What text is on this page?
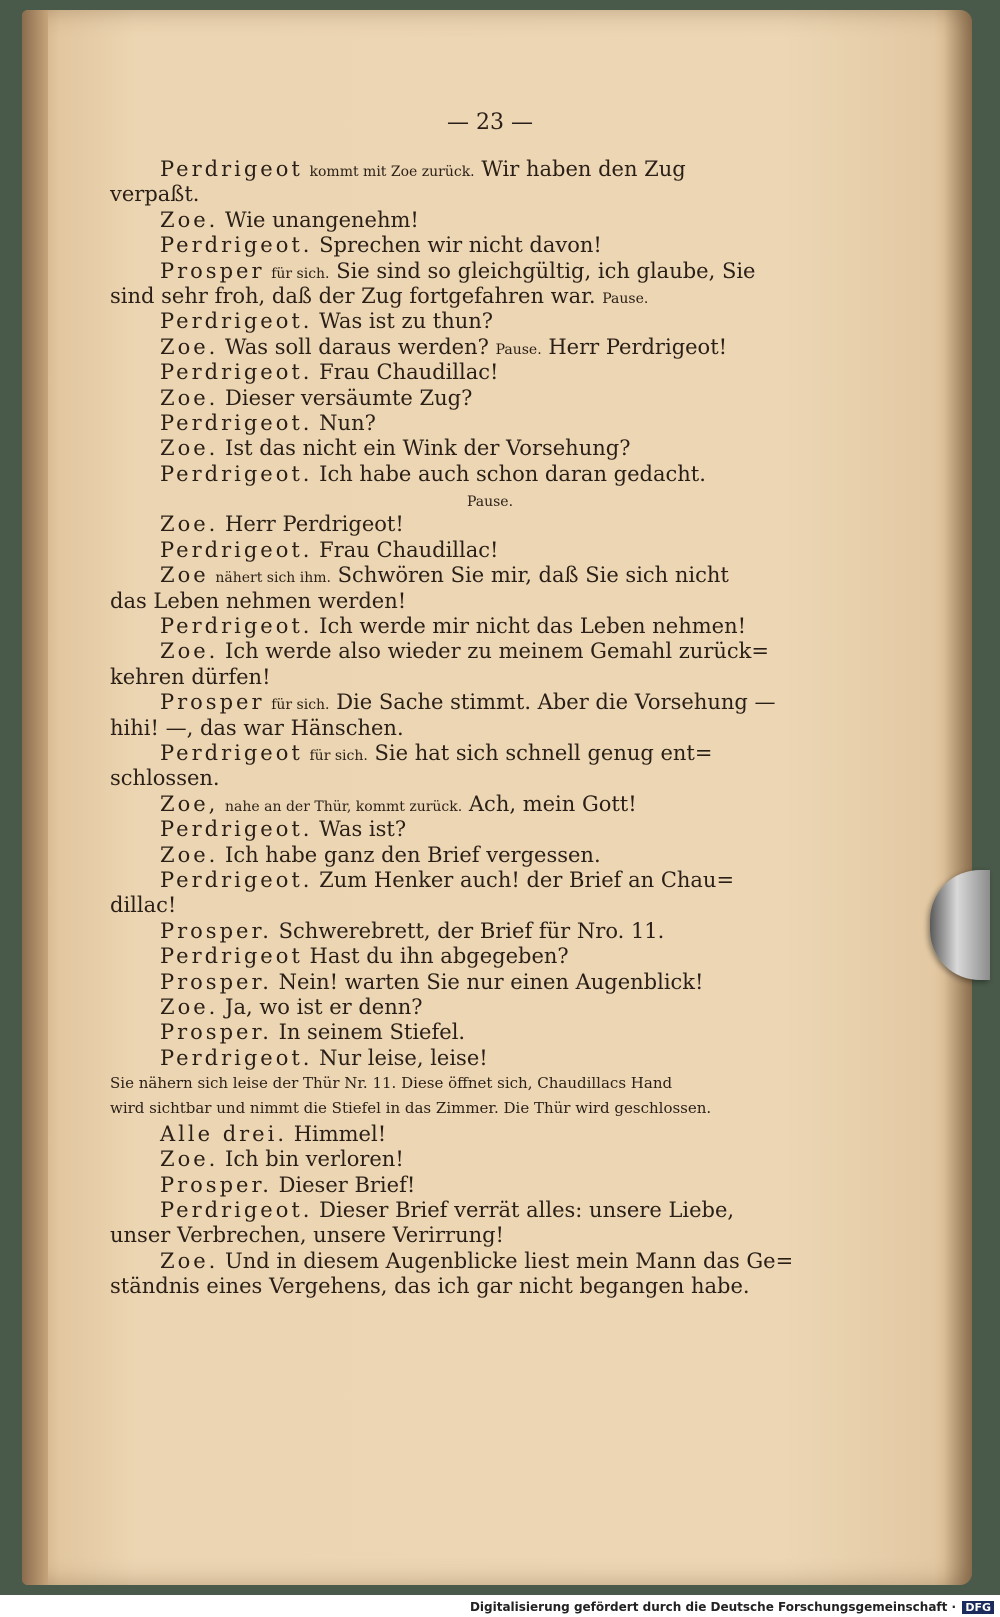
— 23 —
Perdrigeot kommt mit Zoe zurück. Wir haben den Zug
verpaßt.
Zoe. Wie unangenehm!
Perdrigeot. Sprechen wir nicht davon!
Prosper für sich. Sie sind so gleichgültig, ich glaube, Sie
sind sehr froh, daß der Zug fortgefahren war. Pause.
Perdrigeot. Was ist zu thun?
Zoe. Was soll daraus werden? Pause. Herr Perdrigeot!
Perdrigeot. Frau Chaudillac!
Zoe. Dieser versäumte Zug?
Perdrigeot. Nun?
Zoe. Ist das nicht ein Wink der Vorsehung?
Perdrigeot. Ich habe auch schon daran gedacht.
Pause.
Zoe. Herr Perdrigeot!
Perdrigeot. Frau Chaudillac!
Zoe nähert sich ihm. Schwören Sie mir, daß Sie sich nicht
das Leben nehmen werden!
Perdrigeot. Ich werde mir nicht das Leben nehmen!
Zoe. Ich werde also wieder zu meinem Gemahl zurück=
kehren dürfen!
Prosper für sich. Die Sache stimmt. Aber die Vorsehung —
hihi! —, das war Hänschen.
Perdrigeot für sich. Sie hat sich schnell genug ent=
schlossen.
Zoe, nahe an der Thür, kommt zurück. Ach, mein Gott!
Perdrigeot. Was ist?
Zoe. Ich habe ganz den Brief vergessen.
Perdrigeot. Zum Henker auch! der Brief an Chau=
dillac!
Prosper. Schwerebrett, der Brief für Nro. 11.
Perdrigeot Hast du ihn abgegeben?
Prosper. Nein! warten Sie nur einen Augenblick!
Zoe. Ja, wo ist er denn?
Prosper. In seinem Stiefel.
Perdrigeot. Nur leise, leise!
Sie nähern sich leise der Thür Nr. 11. Diese öffnet sich, Chaudillacs Hand
wird sichtbar und nimmt die Stiefel in das Zimmer. Die Thür wird geschlossen.
Alle drei. Himmel!
Zoe. Ich bin verloren!
Prosper. Dieser Brief!
Perdrigeot. Dieser Brief verrät alles: unsere Liebe,
unser Verbrechen, unsere Verirrung!
Zoe. Und in diesem Augenblicke liest mein Mann das Ge=
ständnis eines Vergehens, das ich gar nicht begangen habe.
Digitalisierung gefördert durch die Deutsche Forschungsgemeinschaft · DFG
